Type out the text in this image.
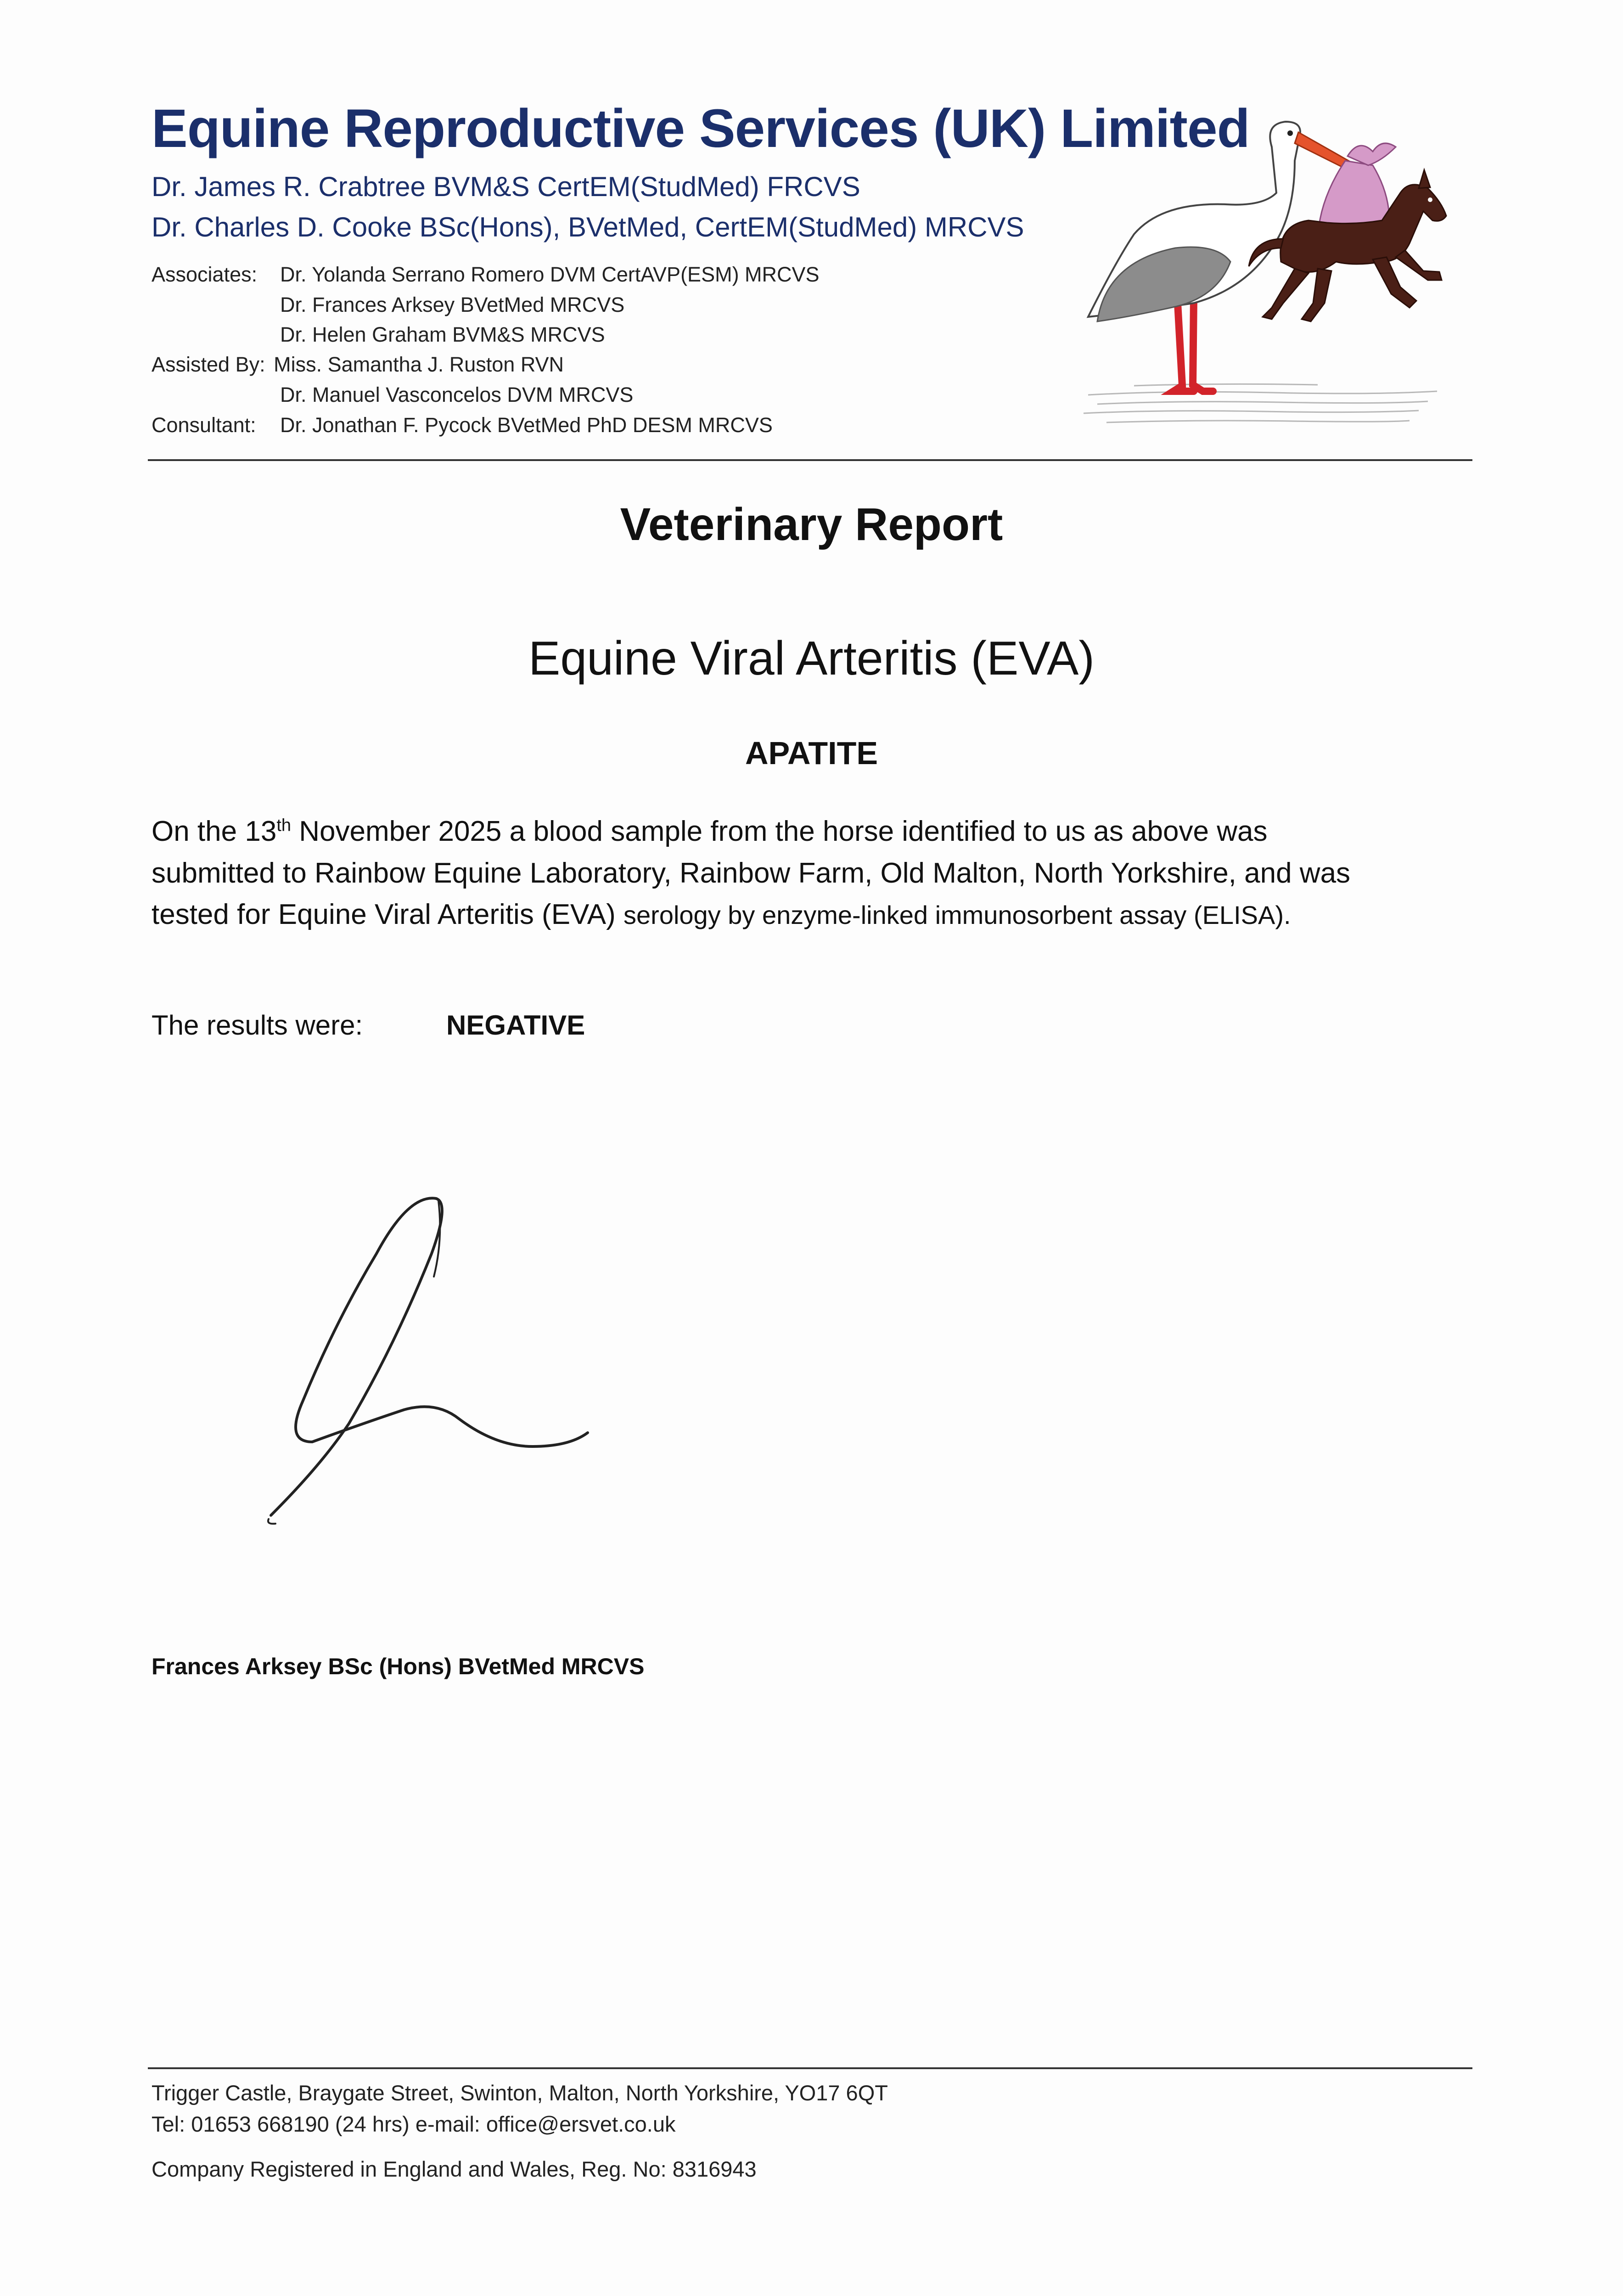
Equine Reproductive Services (UK) Limited
Dr. James R. Crabtree BVM&S CertEM(StudMed) FRCVS
Dr. Charles D. Cooke BSc(Hons), BVetMed, CertEM(StudMed) MRCVS
Associates: Dr. Yolanda Serrano Romero DVM CertAVP(ESM) MRCVS
Dr. Frances Arksey BVetMed MRCVS
Dr. Helen Graham BVM&S MRCVS
Assisted By: Miss. Samantha J. Ruston RVN
Dr. Manuel Vasconcelos DVM MRCVS
Consultant: Dr. Jonathan F. Pycock BVetMed PhD DESM MRCVS
Veterinary Report
Equine Viral Arteritis (EVA)
APATITE
On the 13th November 2025 a blood sample from the horse identified to us as above was
submitted to Rainbow Equine Laboratory, Rainbow Farm, Old Malton, North Yorkshire, and was
tested for Equine Viral Arteritis (EVA) serology by enzyme-linked immunosorbent assay (ELISA).
The results were:	NEGATIVE
Frances Arksey BSc (Hons) BVetMed MRCVS
Trigger Castle, Braygate Street, Swinton, Malton, North Yorkshire, YO17 6QT
Tel: 01653 668190 (24 hrs) e-mail: office@ersvet.co.uk
Company Registered in England and Wales, Reg. No: 8316943
